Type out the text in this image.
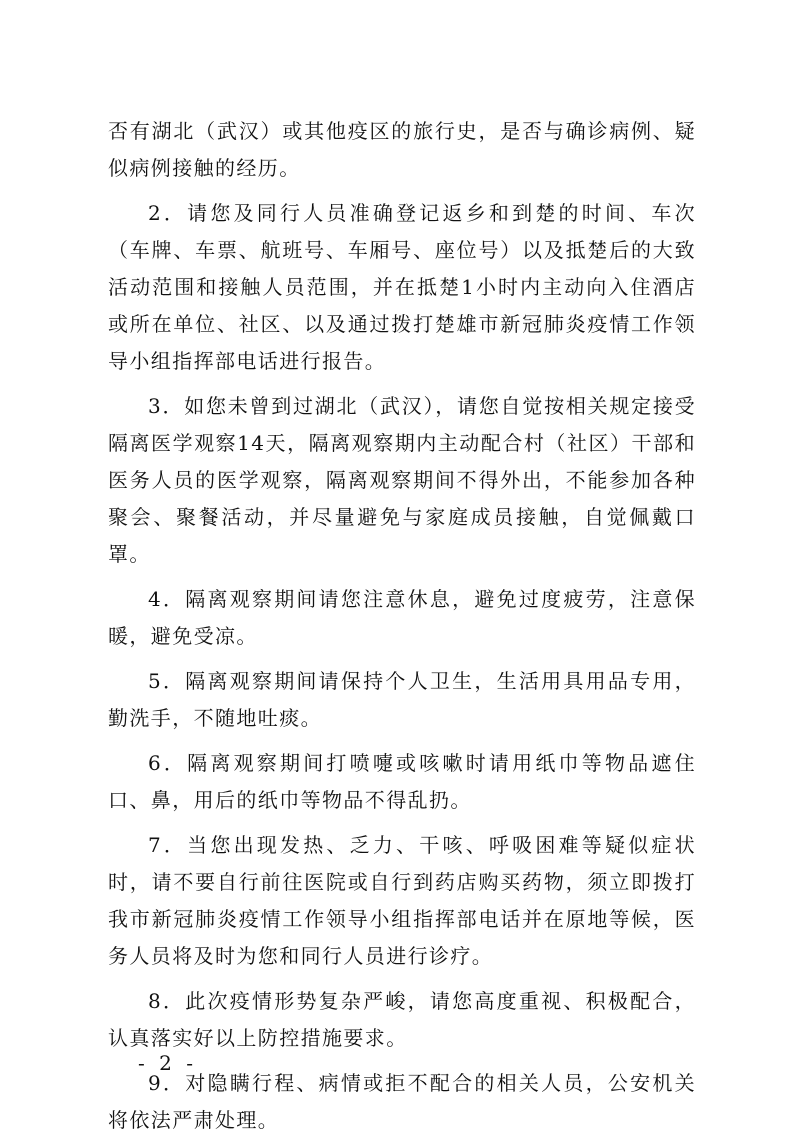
否有湖北（武汉）或其他疫区的旅行史，是否与确诊病例、疑似病例接触的经历。

2．请您及同行人员准确登记返乡和到楚的时间、车次（车牌、车票、航班号、车厢号、座位号）以及抵楚后的大致活动范围和接触人员范围，并在抵楚1小时内主动向入住酒店或所在单位、社区、以及通过拨打楚雄市新冠肺炎疫情工作领导小组指挥部电话进行报告。

3．如您未曾到过湖北（武汉），请您自觉按相关规定接受隔离医学观察14天，隔离观察期内主动配合村（社区）干部和医务人员的医学观察，隔离观察期间不得外出，不能参加各种聚会、聚餐活动，并尽量避免与家庭成员接触，自觉佩戴口罩。

4．隔离观察期间请您注意休息，避免过度疲劳，注意保暖，避免受凉。

5．隔离观察期间请保持个人卫生，生活用具用品专用，勤洗手，不随地吐痰。

6．隔离观察期间打喷嚏或咳嗽时请用纸巾等物品遮住口、鼻，用后的纸巾等物品不得乱扔。

7．当您出现发热、乏力、干咳、呼吸困难等疑似症状时，请不要自行前往医院或自行到药店购买药物，须立即拨打我市新冠肺炎疫情工作领导小组指挥部电话并在原地等候，医务人员将及时为您和同行人员进行诊疗。

8．此次疫情形势复杂严峻，请您高度重视、积极配合，认真落实好以上防控措施要求。

9．对隐瞒行程、病情或拒不配合的相关人员，公安机关将依法严肃处理。

- 2 -
